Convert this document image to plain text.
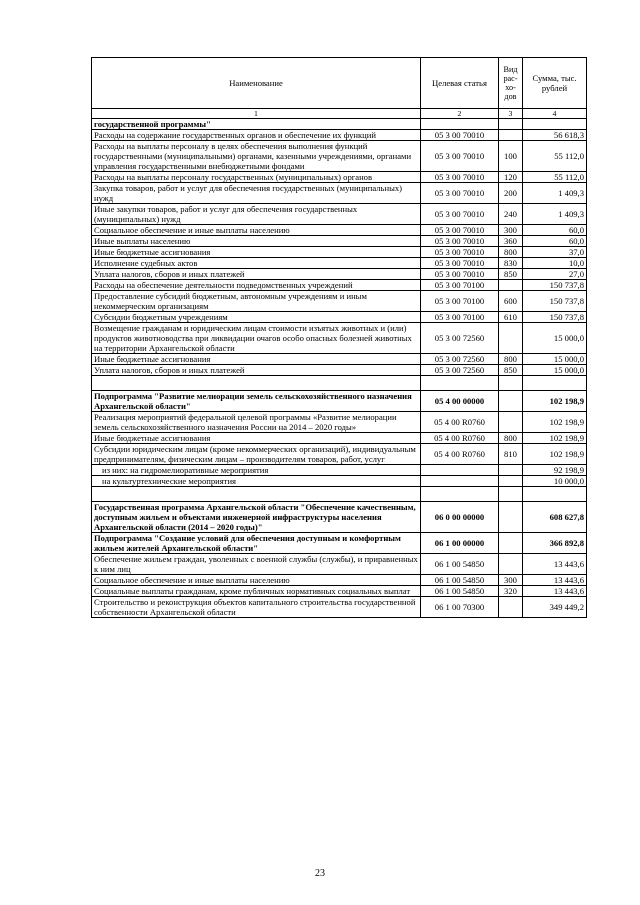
Наименование	Целевая статья	Вид рас-хо-дов	Сумма, тыс. рублей
1	2	3	4
государственной программы"			
Расходы на содержание государственных органов и обеспечение их функций	05 3 00 70010		56 618,3
Расходы на выплаты персоналу в целях обеспечения выполнения функций государственными (муниципальными) органами, казенными учреждениями, органами управления государственными внебюджетными фондами	05 3 00 70010	100	55 112,0
Расходы на выплаты персоналу государственных (муниципальных) органов	05 3 00 70010	120	55 112,0
Закупка товаров, работ и услуг для обеспечения государственных (муниципальных) нужд	05 3 00 70010	200	1 409,3
Иные закупки товаров, работ и услуг для обеспечения государственных (муниципальных) нужд	05 3 00 70010	240	1 409,3
Социальное обеспечение и иные выплаты населению	05 3 00 70010	300	60,0
Иные выплаты населению	05 3 00 70010	360	60,0
Иные бюджетные ассигнования	05 3 00 70010	800	37,0
Исполнение судебных актов	05 3 00 70010	830	10,0
Уплата налогов, сборов и иных платежей	05 3 00 70010	850	27,0
Расходы на обеспечение деятельности подведомственных учреждений	05 3 00 70100		150 737,8
Предоставление субсидий бюджетным, автономным учреждениям и иным некоммерческим организациям	05 3 00 70100	600	150 737,8
Субсидии бюджетным учреждениям	05 3 00 70100	610	150 737,8
Возмещение гражданам и юридическим лицам стоимости изъятых животных и (или) продуктов животноводства при ликвидации очагов особо опасных болезней животных на территории Архангельской области	05 3 00 72560		15 000,0
Иные бюджетные ассигнования	05 3 00 72560	800	15 000,0
Уплата налогов, сборов и иных платежей	05 3 00 72560	850	15 000,0

Подпрограмма "Развитие мелиорации земель сельскохозяйственного назначения Архангельской области"	05 4 00 00000		102 198,9
Реализация мероприятий федеральной целевой программы «Развитие мелиорации земель сельскохозяйственного назначения России на 2014 – 2020 годы»	05 4 00 R0760		102 198,9
Иные бюджетные ассигнования	05 4 00 R0760	800	102 198,9
Субсидии юридическим лицам (кроме некоммерческих организаций), индивидуальным предпринимателям, физическим лицам – производителям товаров, работ, услуг	05 4 00 R0760	810	102 198,9
из них: на гидромелиоративные мероприятия			92 198,9
на культуртехнические мероприятия			10 000,0

Государственная программа Архангельской области "Обеспечение качественным, доступным жильем и объектами инженерной инфраструктуры населения Архангельской области (2014 – 2020 годы)"	06 0 00 00000		608 627,8
Подпрограмма "Создание условий для обеспечения доступным и комфортным жильем жителей Архангельской области"	06 1 00 00000		366 892,8
Обеспечение жильем граждан, уволенных с военной службы (службы), и приравненных к ним лиц	06 1 00 54850		13 443,6
Социальное обеспечение и иные выплаты населению	06 1 00 54850	300	13 443,6
Социальные выплаты гражданам, кроме публичных нормативных социальных выплат	06 1 00 54850	320	13 443,6
Строительство и реконструкция объектов капитального строительства государственной собственности Архангельской области	06 1 00 70300		349 449,2
23
